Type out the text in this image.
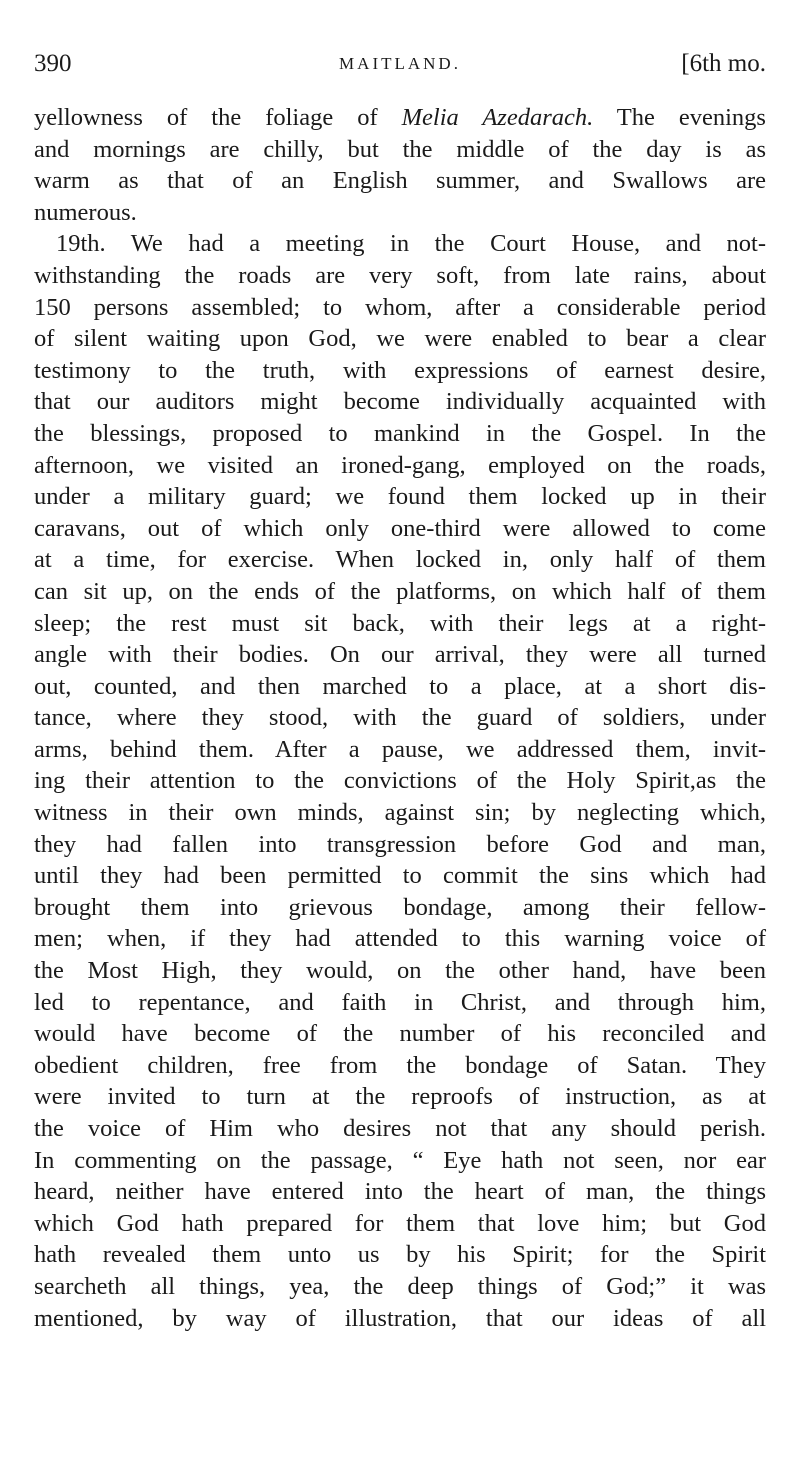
390	MAITLAND.	[6th mo.
yellowness of the foliage of Melia Azedarach. The evenings
and mornings are chilly, but the middle of the day is as
warm as that of an English summer, and Swallows are
numerous.
19th. We had a meeting in the Court House, and not-
withstanding the roads are very soft, from late rains, about
150 persons assembled; to whom, after a considerable period
of silent waiting upon God, we were enabled to bear a clear
testimony to the truth, with expressions of earnest desire,
that our auditors might become individually acquainted with
the blessings, proposed to mankind in the Gospel. In the
afternoon, we visited an ironed-gang, employed on the roads,
under a military guard; we found them locked up in their
caravans, out of which only one-third were allowed to come
at a time, for exercise. When locked in, only half of them
can sit up, on the ends of the platforms, on which half of them
sleep; the rest must sit back, with their legs at a right-
angle with their bodies. On our arrival, they were all turned
out, counted, and then marched to a place, at a short dis-
tance, where they stood, with the guard of soldiers, under
arms, behind them. After a pause, we addressed them, invit-
ing their attention to the convictions of the Holy Spirit,as the
witness in their own minds, against sin; by neglecting which,
they had fallen into transgression before God and man,
until they had been permitted to commit the sins which had
brought them into grievous bondage, among their fellow-
men; when, if they had attended to this warning voice of
the Most High, they would, on the other hand, have been
led to repentance, and faith in Christ, and through him,
would have become of the number of his reconciled and
obedient children, free from the bondage of Satan. They
were invited to turn at the reproofs of instruction, as at
the voice of Him who desires not that any should perish.
In commenting on the passage, “ Eye hath not seen, nor ear
heard, neither have entered into the heart of man, the things
which God hath prepared for them that love him; but God
hath revealed them unto us by his Spirit; for the Spirit
searcheth all things, yea, the deep things of God;” it was
mentioned, by way of illustration, that our ideas of all
